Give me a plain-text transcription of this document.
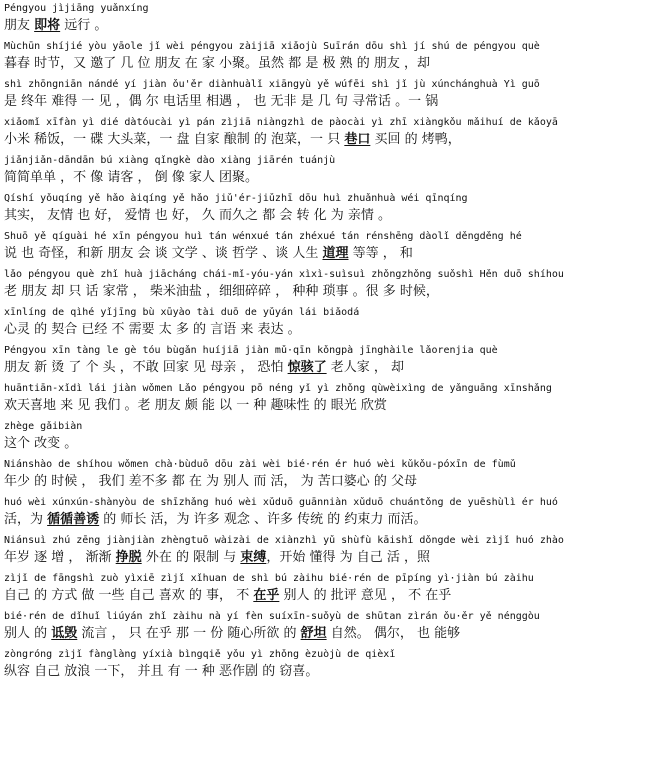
Péngyou jìjiāng yuǎnxíng

朋友 即将 远行 。

Mùchūn shíjié yòu yāole jǐ wèi péngyou zàijiā xiǎojù Suīrán dōu shì jí shú de péngyou què

暮春 时节，又 邀了 几 位 朋友 在 家 小聚。虽然 都 是 极 熟 的 朋友 ，却

shì zhōngniān nándé yí jiàn ǒu'ěr diànhuàlǐ xiāngyù yě wúfēi shì jǐ jù xúnchánghuà Yì guō

是 终年 难得 一 见 ，偶 尔 电话里 相遇 ， 也 无非 是 几 句 寻常话 。一 锅

xiǎomǐ xīfàn yì dié dàtóucài yì pán zìjiā niàngzhì de pàocài yì zhī xiàngkǒu mǎihuí de kǎoyā

小米 稀饭，一 碟 大头菜，一 盘 自家 酿制 的 泡菜，一 只 巷口 买回 的 烤鸭，

jiǎnjiǎn-dāndān bú xiàng qǐngkè dào xiàng jiārén tuánjù

简简单单 ，不 像 请客 ， 倒 像 家人 团聚。

Qíshí yǒuqíng yě hǎo àiqíng yě hǎo jiǔ'ér-jiǔzhī dōu huì zhuǎnhuà wéi qīnqíng

其实， 友情 也 好， 爱情 也 好， 久 而久之 都 会 转 化 为 亲情 。

Shuō yě qíguài hé xīn péngyou huì tán wénxué tán zhéxué tán rénshēng dàolǐ děngděng hé

说 也 奇怪，和新 朋友 会 谈 文学 、谈 哲学 、谈 人生 道理 等等 ， 和

lǎo péngyou què zhǐ huà jiācháng chái-mǐ-yóu-yán xìxì-suìsuì zhǒngzhǒng suǒshì Hěn duō shíhou

老 朋友 却 只 话 家常 ， 柴米油盐 ，细细碎碎 ， 种种 琐事 。很 多 时候，

xīnlíng de qìhé yǐjīng bù xūyào tài duō de yǔyán lái biǎodá

心灵 的 契合 已经 不 需要 太 多 的 言语 来 表达 。

Péngyou xīn tàng le gè tóu bùgǎn huíjiā jiàn mǔ·qīn kǒngpà jīnghàile lǎorenjia què

朋友 新 烫 了 个 头 ，不敢 回家 见 母亲 ， 恐怕 惊骇了 老人家 ， 却

huāntiān-xǐdì lái jiàn wǒmen Lǎo péngyou pō néng yǐ yì zhǒng qùwèixìng de yǎnguāng xīnshǎng

欢天喜地 来 见 我们 。老 朋友 颇 能 以 一 种 趣味性 的 眼光 欣赏

zhège gǎibiàn

这个 改变 。

Niánshào de shíhou wǒmen chà·bùduō dōu zài wèi bié·rén ér huó wèi kǔkǒu-póxīn de fùmǔ

年少 的 时候 ， 我们 差不多 都 在 为 别人 而 活， 为 苦口婆心 的 父母

huó wèi xúnxún-shànyòu de shīzhǎng huó wèi xǔduō guānniàn xǔduō chuántǒng de yuēshùlì ér huó

活，为 循循善诱 的 师长 活，为 许多 观念 、许多 传统 的 约束力 而活。

Niánsuì zhú zēng jiànjiàn zhèngtuō wàizài de xiànzhì yǔ shùfù kāishǐ dǒngde wèi zìjǐ huó zhào

年岁 逐 增 ， 渐渐 挣脱 外在 的 限制 与 束缚，开始 懂得 为 自己 活 ，照

zìjǐ de fāngshì zuò yìxiē zìjǐ xǐhuan de shì bú zàihu bié·rén de pīpíng yì·jiàn bú zàihu

自己 的 方式 做 一些 自己 喜欢 的 事， 不 在乎 别人 的 批评 意见 ， 不 在乎

bié·rén de dǐhuǐ liúyán zhǐ zàihu nà yí fèn suíxīn-suǒyù de shūtan zìrán ǒu·ěr yě nénggòu

别人 的 诋毁 流言 ， 只 在乎 那 一 份 随心所欲 的 舒坦 自然。 偶尔， 也 能够

zòngróng zìjǐ fànglàng yíxià bìngqiě yǒu yì zhǒng èzuòjù de qièxǐ

纵容 自己 放浪 一下， 并且 有 一 种 恶作剧 的 窃喜。
